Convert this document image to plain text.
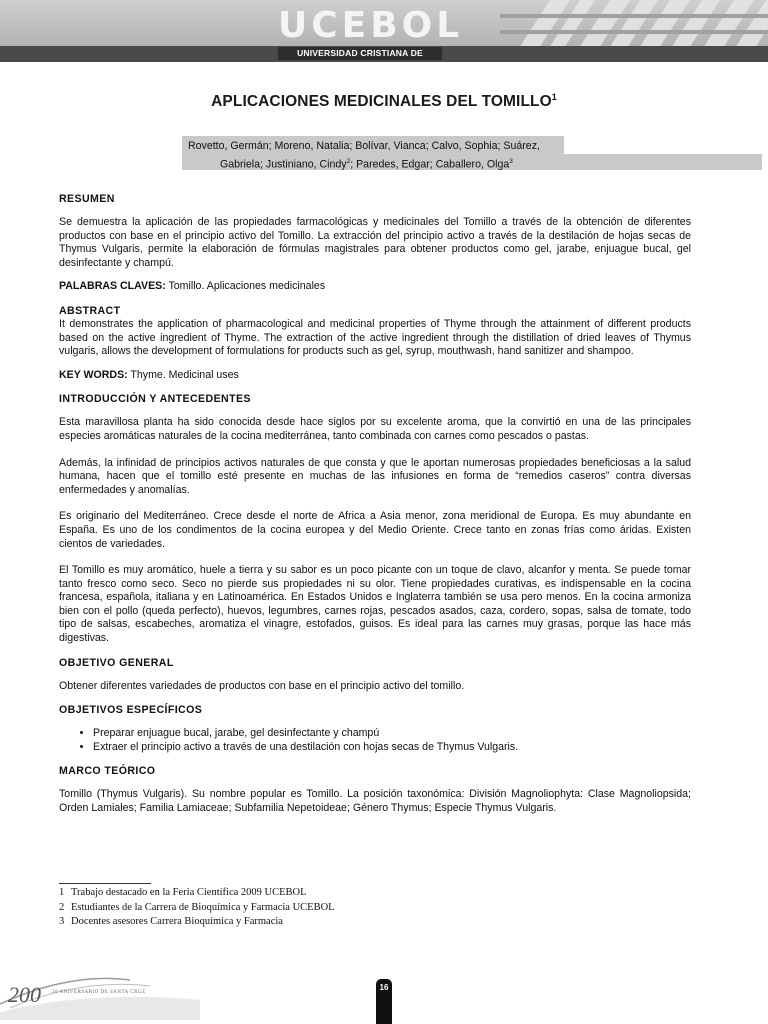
UCEBOL
UNIVERSIDAD CRISTIANA DE BOLIVIA
APLICACIONES MEDICINALES DEL TOMILLO$^1$
Rovetto, Germán; Moreno, Natalia; Bolívar, Vianca; Calvo, Sophia; Suárez,
Gabriela; Justiniano, Cindy$^2$; Paredes, Edgar; Caballero, Olga$^3$

RESUMEN

Se demuestra la aplicación de las propiedades farmacológicas y medicinales del Tomillo a través de la obtención de diferentes productos con base en el principio activo del Tomillo. La extracción del principio activo a través de la destilación de hojas secas de Thymus Vulgaris, permite la elaboración de fórmulas magistrales para obtener productos como gel, jarabe, enjuague bucal, gel desinfectante y champú.

PALABRAS CLAVES: Tomillo. Aplicaciones medicinales

ABSTRACT

It demonstrates the application of pharmacological and medicinal properties of Thyme through the attainment of different products based on the active ingredient of Thyme. The extraction of the active ingredient through the distillation of dried leaves of Thymus vulgaris, allows the development of formulations for products such as gel, syrup, mouthwash, hand sanitizer and shampoo.

KEY WORDS: Thyme. Medicinal uses

INTRODUCCIÓN Y ANTECEDENTES

Esta maravillosa planta ha sido conocida desde hace siglos por su excelente aroma, que la convirtió en una de las principales especies aromáticas naturales de la cocina mediterránea, tanto combinada con carnes como pescados o pastas.

Además, la infinidad de principios activos naturales de que consta y que le aportan numerosas propiedades beneficiosas a la salud humana, hacen que el tomillo esté presente en muchas de las infusiones en forma de “remedios caseros” contra diversas enfermedades y anomalías.

Es originario del Mediterráneo. Crece desde el norte de Africa a Asia menor, zona meridional de Europa. Es muy abundante en España. Es uno de los condimentos de la cocina europea y del Medio Oriente. Crece tanto en zonas frías como áridas. Existen cientos de variedades.

El Tomillo es muy aromático, huele a tierra y su sabor es un poco picante con un toque de clavo, alcanfor y menta. Se puede tomar tanto fresco como seco. Seco no pierde sus propiedades ni su olor. Tiene propiedades curativas, es indispensable en la cocina francesa, española, italiana y en Latinoamérica. En Estados Unidos e Inglaterra también se usa pero menos. En la cocina armoniza bien con el pollo (queda perfecto), huevos, legumbres, carnes rojas, pescados asados, caza, cordero, sopas, salsa de tomate, todo tipo de salsas, escabeches, aromatiza el vinagre, estofados, guisos. Es ideal para las carnes muy grasas, porque las hace más digestivas.

OBJETIVO GENERAL

Obtener diferentes variedades de productos con base en el principio activo del tomillo.

OBJETIVOS ESPECÍFICOS

• Preparar enjuague bucal, jarabe, gel desinfectante y champú
• Extraer el principio activo a través de una destilación con hojas secas de Thymus Vulgaris.

MARCO TEÓRICO

Tomillo (Thymus Vulgaris). Su nombre popular es Tomillo. La posición taxonómica: División Magnoliophyta: Clase Magnoliopsida; Orden Lamiales; Familia Lamiaceae; Subfamilia Nepetoideae; Género Thymus; Especie Thymus Vulgaris.

1 Trabajo destacado en la Feria Científica 2009 UCEBOL
2 Estudiantes de la Carrera de Bioquímica y Farmacia UCEBOL
3 Docentes asesores Carrera Bioquímica y Farmacia
200 20 ANIVERSARIO DE SANTA CRUZ
16
